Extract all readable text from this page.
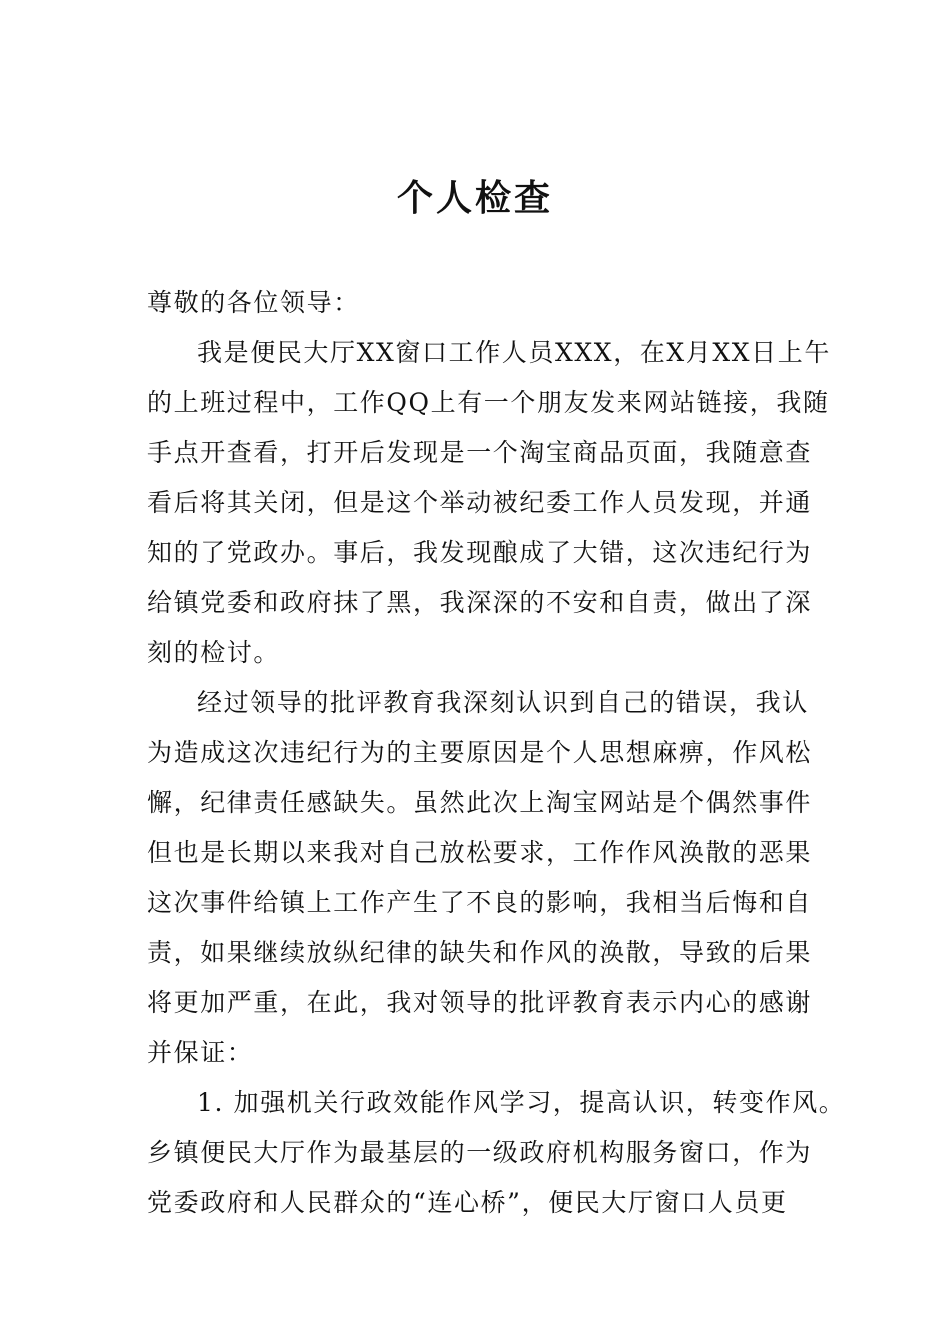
个人检查
尊敬的各位领导：
我是便民大厅XX窗口工作人员XXX，在X月XX日上午
的上班过程中，工作QQ上有一个朋友发来网站链接，我随
手点开查看，打开后发现是一个淘宝商品页面，我随意查
看后将其关闭，但是这个举动被纪委工作人员发现，并通
知的了党政办。事后，我发现酿成了大错，这次违纪行为
给镇党委和政府抹了黑，我深深的不安和自责，做出了深
刻的检讨。
经过领导的批评教育我深刻认识到自己的错误，我认
为造成这次违纪行为的主要原因是个人思想麻痹，作风松
懈，纪律责任感缺失。虽然此次上淘宝网站是个偶然事件
但也是长期以来我对自己放松要求，工作作风涣散的恶果
这次事件给镇上工作产生了不良的影响，我相当后悔和自
责，如果继续放纵纪律的缺失和作风的涣散，导致的后果
将更加严重，在此，我对领导的批评教育表示内心的感谢
并保证：
1. 加强机关行政效能作风学习，提高认识，转变作风。
乡镇便民大厅作为最基层的一级政府机构服务窗口，作为
党委政府和人民群众的“连心桥”，便民大厅窗口人员更
